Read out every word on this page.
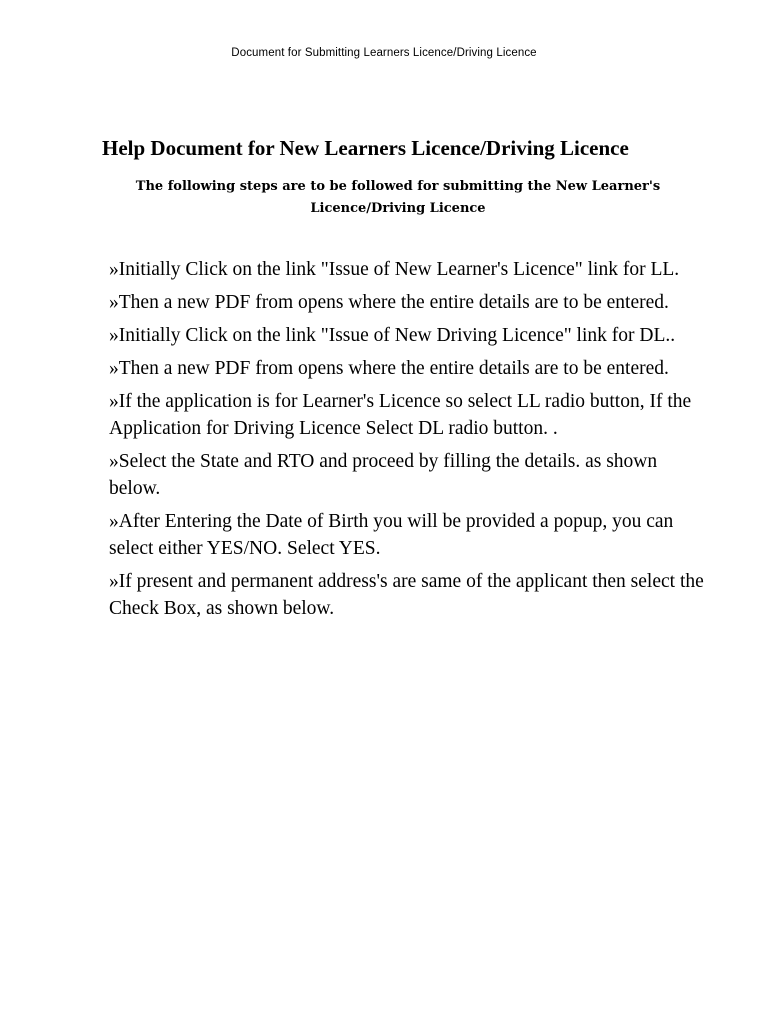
Document for Submitting Learners Licence/Driving Licence
Help Document for New Learners Licence/Driving Licence

The following steps are to be followed for submitting the New Learner's Licence/Driving Licence

»Initially Click on the link "Issue of New Learner's Licence" link for LL.
»Then a new PDF from opens where the entire details are to be entered.
»Initially Click on the link "Issue of New Driving Licence" link for DL..
»Then a new PDF from opens where the entire details are to be entered.
»If the application is for Learner's Licence so select LL radio button, If the Application for Driving Licence Select DL radio button. .
»Select the State and RTO and proceed by filling the details. as shown below.
»After Entering the Date of Birth you will be provided a popup, you can select either YES/NO. Select YES.
»If present and permanent address's are same of the applicant then select the Check Box, as shown below.
